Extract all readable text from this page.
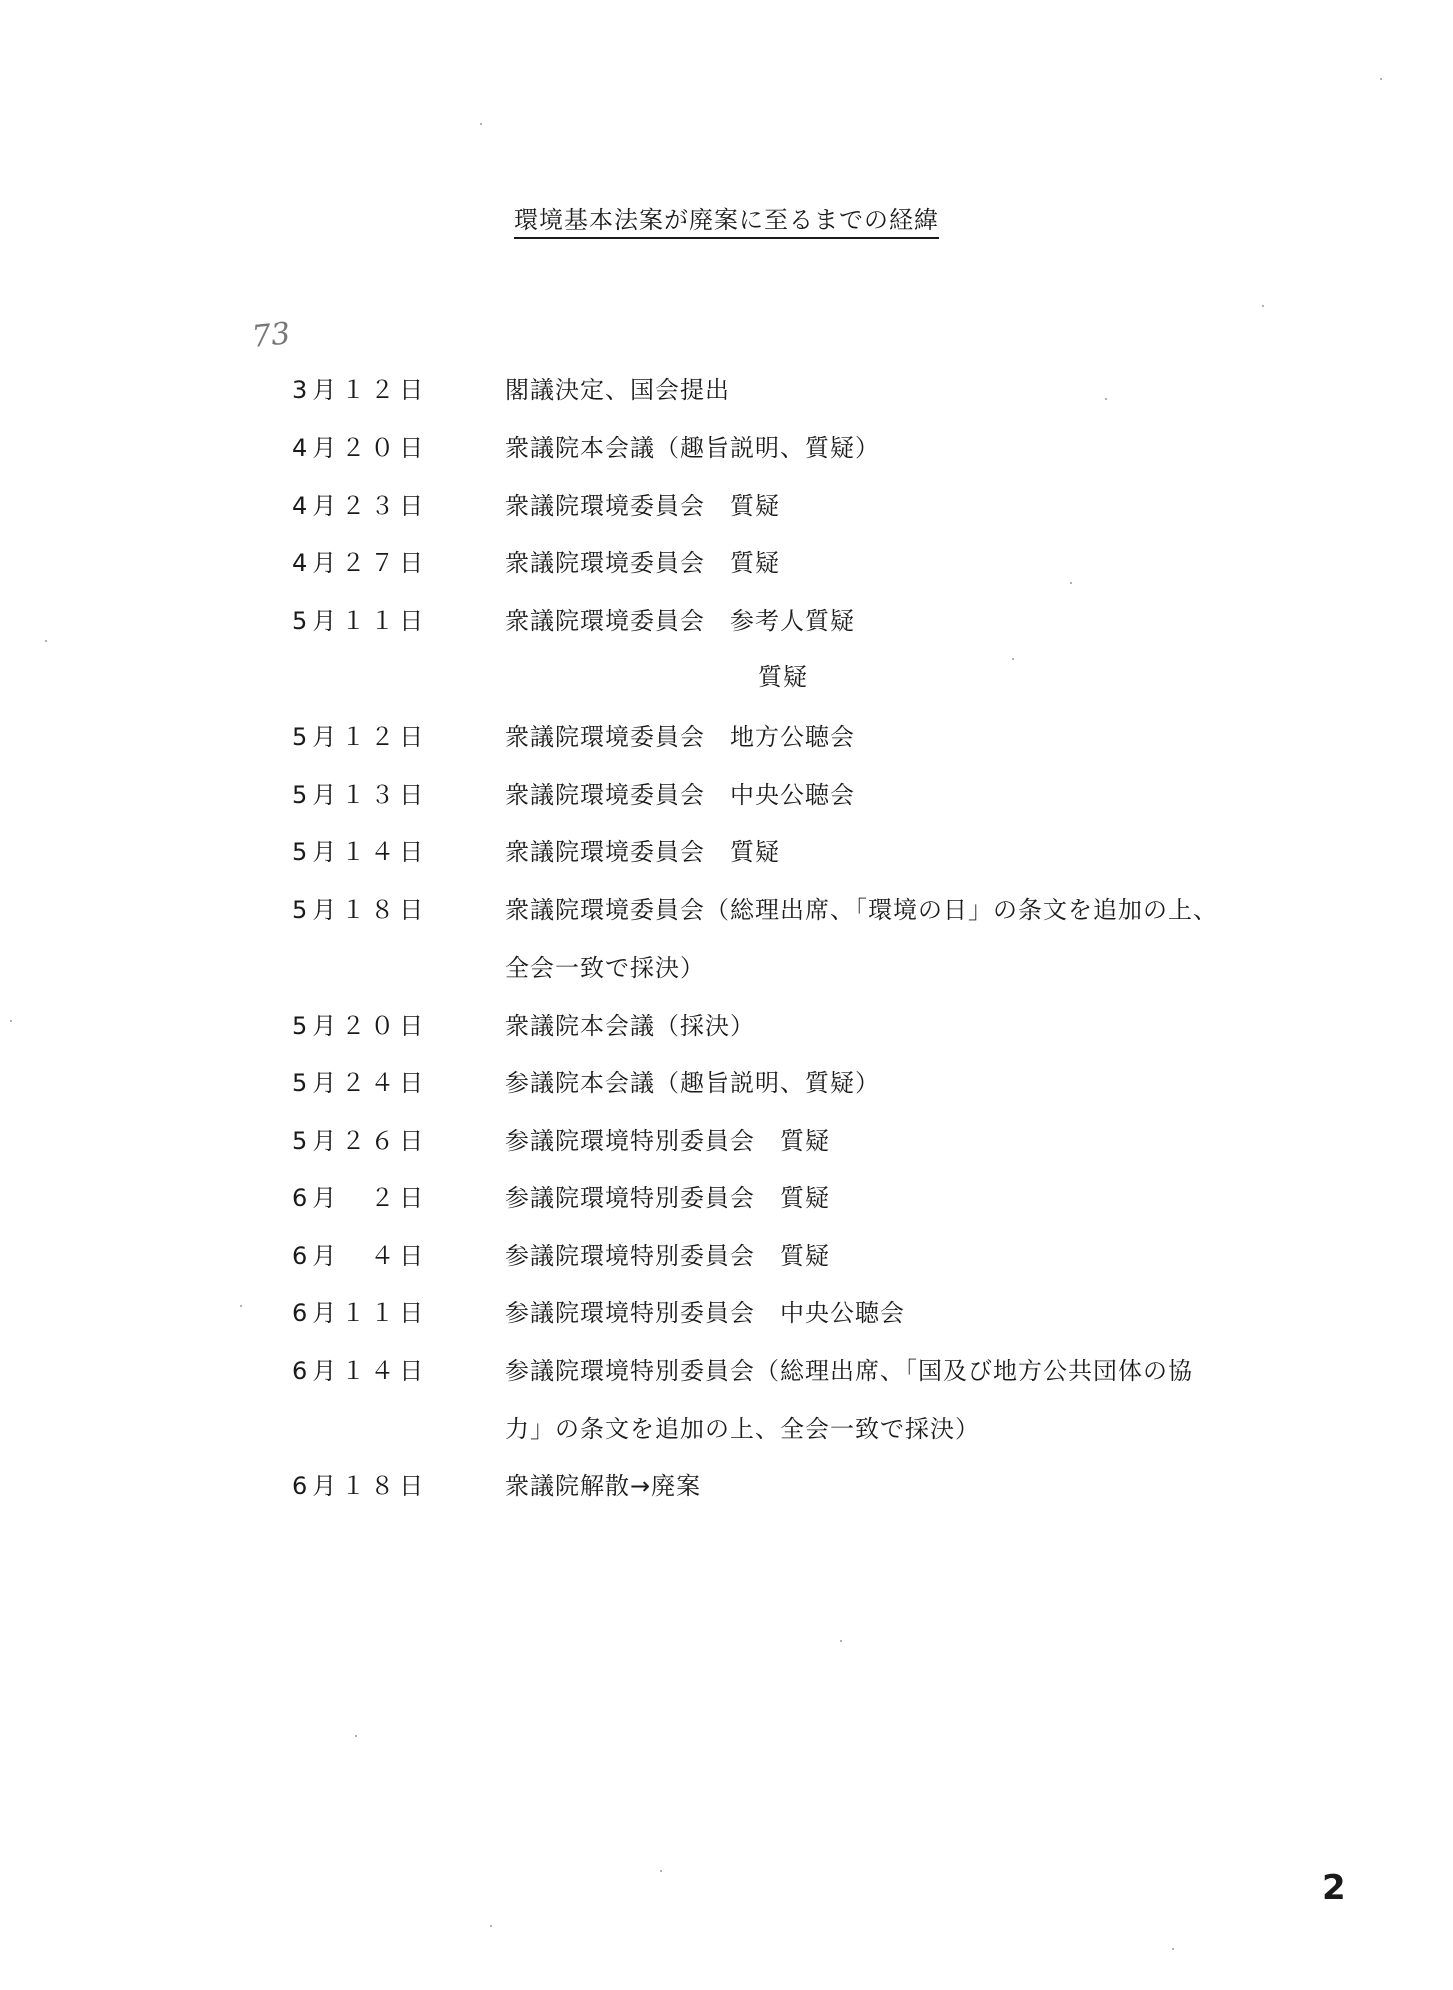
環境基本法案が廃案に至るまでの経緯
73
3月１２日	閣議決定、国会提出
4月２０日	衆議院本会議（趣旨説明、質疑）
4月２３日	衆議院環境委員会　質疑
4月２７日	衆議院環境委員会　質疑
5月１１日	衆議院環境委員会　参考人質疑
質疑
5月１２日	衆議院環境委員会　地方公聴会
5月１３日	衆議院環境委員会　中央公聴会
5月１４日	衆議院環境委員会　質疑
5月１８日	衆議院環境委員会（総理出席、「環境の日」の条文を追加の上、
全会一致で採決）
5月２０日	衆議院本会議（採決）
5月２４日	参議院本会議（趣旨説明、質疑）
5月２６日	参議院環境特別委員会　質疑
6月　２日	参議院環境特別委員会　質疑
6月　４日	参議院環境特別委員会　質疑
6月１１日	参議院環境特別委員会　中央公聴会
6月１４日	参議院環境特別委員会（総理出席、「国及び地方公共団体の協
力」の条文を追加の上、全会一致で採決）
6月１８日	衆議院解散→廃案
2
